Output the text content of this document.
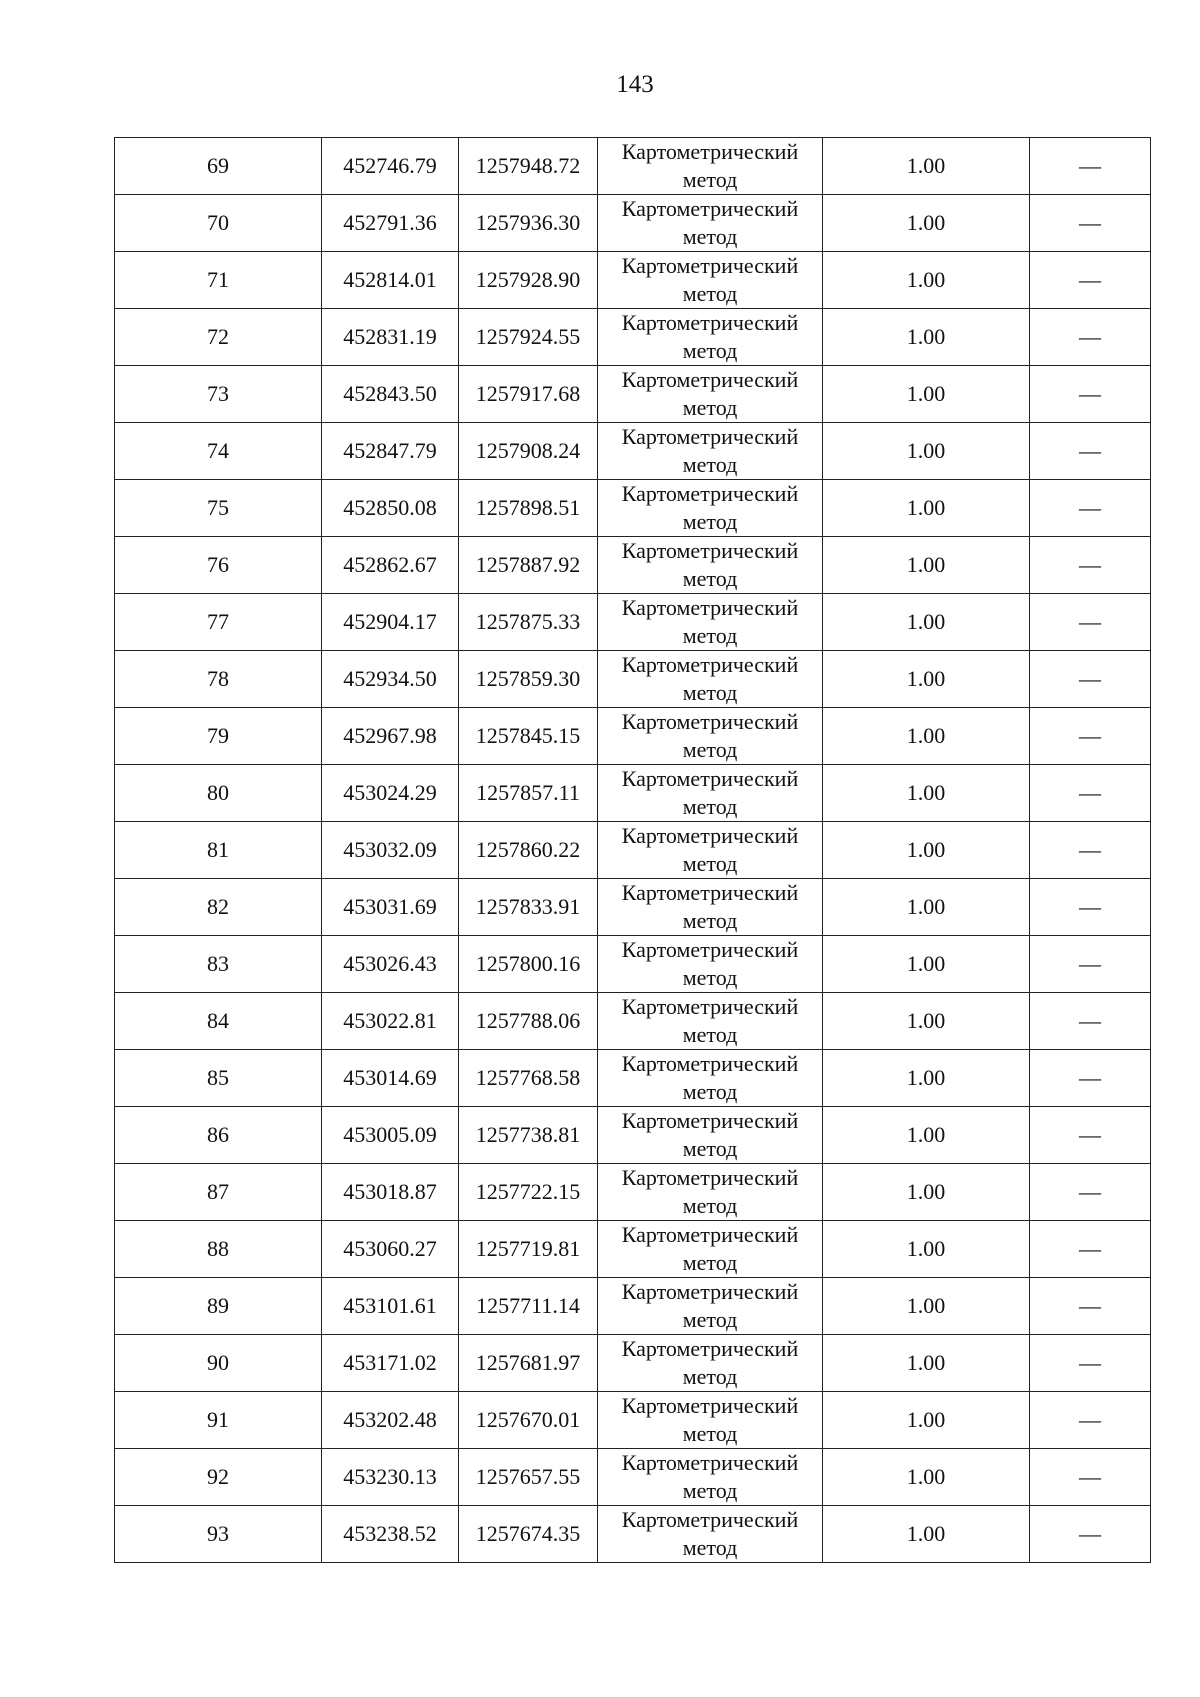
143
69	452746.79	1257948.72	Картометрический
метод	1.00	—
70	452791.36	1257936.30	Картометрический
метод	1.00	—
71	452814.01	1257928.90	Картометрический
метод	1.00	—
72	452831.19	1257924.55	Картометрический
метод	1.00	—
73	452843.50	1257917.68	Картометрический
метод	1.00	—
74	452847.79	1257908.24	Картометрический
метод	1.00	—
75	452850.08	1257898.51	Картометрический
метод	1.00	—
76	452862.67	1257887.92	Картометрический
метод	1.00	—
77	452904.17	1257875.33	Картометрический
метод	1.00	—
78	452934.50	1257859.30	Картометрический
метод	1.00	—
79	452967.98	1257845.15	Картометрический
метод	1.00	—
80	453024.29	1257857.11	Картометрический
метод	1.00	—
81	453032.09	1257860.22	Картометрический
метод	1.00	—
82	453031.69	1257833.91	Картометрический
метод	1.00	—
83	453026.43	1257800.16	Картометрический
метод	1.00	—
84	453022.81	1257788.06	Картометрический
метод	1.00	—
85	453014.69	1257768.58	Картометрический
метод	1.00	—
86	453005.09	1257738.81	Картометрический
метод	1.00	—
87	453018.87	1257722.15	Картометрический
метод	1.00	—
88	453060.27	1257719.81	Картометрический
метод	1.00	—
89	453101.61	1257711.14	Картометрический
метод	1.00	—
90	453171.02	1257681.97	Картометрический
метод	1.00	—
91	453202.48	1257670.01	Картометрический
метод	1.00	—
92	453230.13	1257657.55	Картометрический
метод	1.00	—
93	453238.52	1257674.35	Картометрический
метод	1.00	—
